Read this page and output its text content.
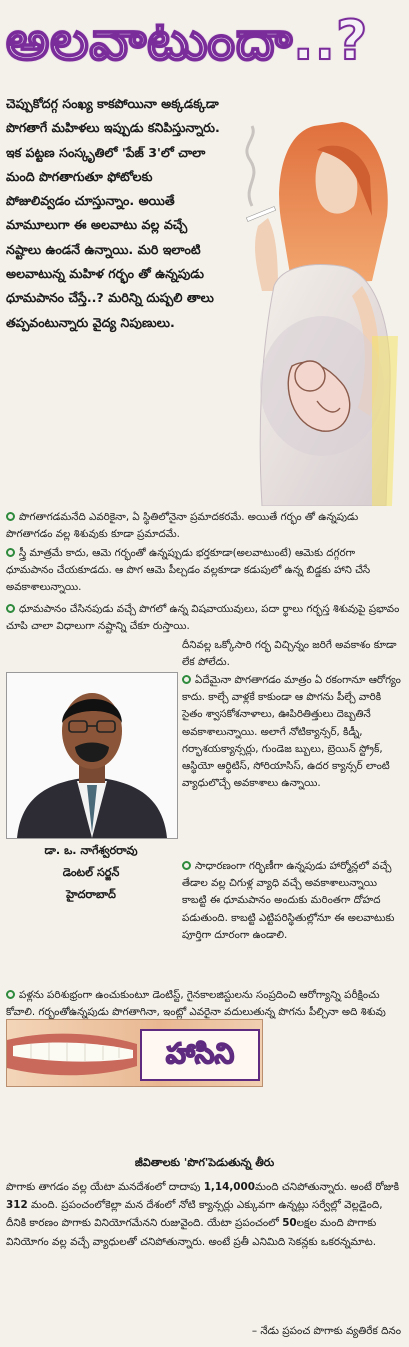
అలవాటుందా..?
చెప్పుకోదగ్గ సంఖ్య కాకపోయినా అక్కడక్కడా పొగతాగే మహిళలు ఇప్పుడు కనిపిస్తున్నారు. ఇక పట్టణ సంస్కృతిలో 'పేజ్ 3'లో చాలా మంది పొగతాగుతూ ఫోటోలకు పోజులివ్వడం చూస్తున్నాం. అయితే మామూలుగా ఈ అలవాటు వల్ల వచ్చే నష్టాలు ఉండనే ఉన్నాయి. మరి ఇలాంటి అలవాటున్న మహిళ గర్భం తో ఉన్నపుడు ధూమపానం చేస్తే..? మరిన్ని దుష్పలి తాలు తప్పవంటున్నారు వైద్య నిపుణులు.
పొగతాగడమనేది ఎవరికైనా, ఏ స్థితిలోనైనా ప్రమాదకరమే. అయితే గర్భం తో ఉన్నపుడు పొగతాగడం వల్ల శిశువుకు కూడా ప్రమాదమే.
స్త్రీ మాత్రమే కాదు, ఆమె గర్భంతో ఉన్నప్పుడు భర్తకూడా(అలవాటుంటే) ఆమెకు దగ్గరగా ధూమపానం చేయకూడదు. ఆ పొగ ఆమె పీల్చడం వల్లకూడా కడుపులో ఉన్న బిడ్డకు హాని చేసే అవకాశాలున్నాయి.
ధూమపానం చేసినపుడు వచ్చే పొగలో ఉన్న విషవాయువులు, పదా ర్థాలు గర్భస్త శిశువుపై ప్రభావం చూపి చాలా విధాలుగా నష్టాన్ని చేకూ రుస్తాయి.
దీనివల్ల ఒక్కోసారి గర్భ విచ్చిన్నం జరిగే అవకాశం కూడా లేక పోలేదు.
డా. ఒ. నాగేశ్వరరావు
డెంటల్ సర్జన్
హైదరాబాద్
ఏదేమైనా పొగతాగడం మాత్రం ఏ రకంగానూ ఆరోగ్యం కాదు. కాల్చే వాళ్లకే కాకుండా ఆ పొగను పీల్చే వారికి సైతం శ్వాసకోశనాళాలు, ఊపిరితిత్తులు దెబ్బతినే అవకాశాలున్నాయి. అలాగే నోటిక్యాన్సర్, కిడ్నీ, గర్భాశయక్యాన్సర్లు, గుండెజ బ్బులు, బ్రెయిన్ స్ట్రోక్, ఆస్థియో ఆర్థిటిస్, సోరియాసిస్, ఉదర క్యాన్సర్ లాంటి వ్యాధులొచ్చే అవకాశాలు ఉన్నాయి.
సాధారణంగా గర్భిణీగా ఉన్నపుడు హార్మోన్లలో వచ్చే తేడాల వల్ల చిగుళ్ల వ్యాధి వచ్చే అవకాశాలున్నాయి కాబట్టి ఈ ధూమపానం అందుకు మరింతగా దోహద పడుతుంది. కాబట్టి ఎట్టిపరిస్థితుల్లోనూ ఈ అలవాటుకు పూర్తిగా దూరంగా ఉండాలి.
పళ్లను పరిశుభ్రంగా ఉంచుకుంటూ డెంటిస్ట్, గైనకాలజిస్టులను సంప్రదించి ఆరోగ్యాన్ని పరీక్షించు కోవాలి. గర్భంతోఉన్నపుడు పొగతాగినా, ఇంట్లో ఎవరైనా వదులుతున్న పొగను పీల్చినా అది శిశువు
హాసిని
జీవితాలకు 'పొగ'పెడుతున్న తీరు
పొగాకు తాగడం వల్ల యేటా మనదేశంలో దాదాపు 1,14,000మంది చనిపోతున్నారు. అంటే రోజుకి 312 మంది. ప్రపంచంలోకెల్లా మన దేశంలో నోటి క్యాన్సర్లు ఎక్కువగా ఉన్నట్లు సర్వేల్లో వెల్లడైంది, దీనికి కారణం పొగాకు వినియోగమేనని రుజువైంది. యేటా ప్రపంచంలో 50లక్షల మంది పొగాకు వినియోగం వల్ల వచ్చే వ్యాధులతో చనిపోతున్నారు. అంటే ప్రతీ ఎనిమిది సెకన్లకు ఒకరన్నమాట.
– నేడు ప్రపంచ పొగాకు వ్యతిరేక దినం
